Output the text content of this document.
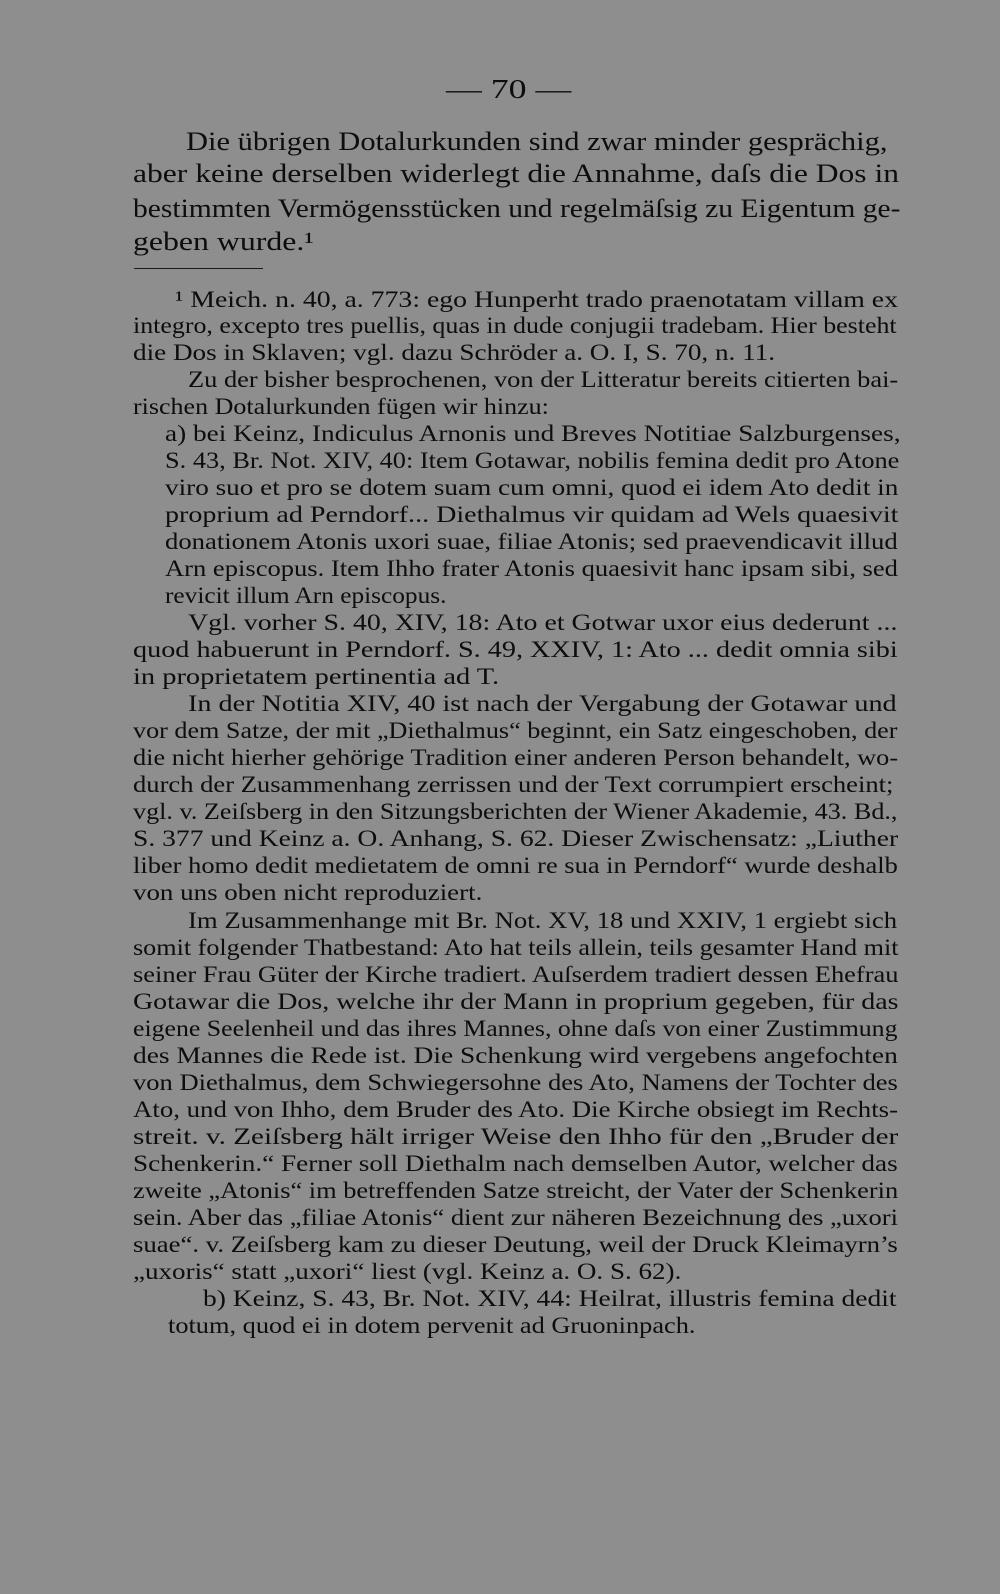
— 70 —
Die übrigen Dotalurkunden sind zwar minder gesprächig,
aber keine derselben widerlegt die Annahme, daſs die Dos in
bestimmten Vermögensstücken und regelmäſsig zu Eigentum ge-
geben wurde.¹
¹ Meich. n. 40, a. 773: ego Hunperht trado praenotatam villam ex
integro, excepto tres puellis, quas in dude conjugii tradebam. Hier besteht
die Dos in Sklaven; vgl. dazu Schröder a. O. I, S. 70, n. 11.
Zu der bisher besprochenen, von der Litteratur bereits citierten bai-
rischen Dotalurkunden fügen wir hinzu:
a) bei Keinz, Indiculus Arnonis und Breves Notitiae Salzburgenses,
S. 43, Br. Not. XIV, 40: Item Gotawar, nobilis femina dedit pro Atone
viro suo et pro se dotem suam cum omni, quod ei idem Ato dedit in
proprium ad Perndorf... Diethalmus vir quidam ad Wels quaesivit
donationem Atonis uxori suae, filiae Atonis; sed praevendicavit illud
Arn episcopus. Item Ihho frater Atonis quaesivit hanc ipsam sibi, sed
revicit illum Arn episcopus.
Vgl. vorher S. 40, XIV, 18: Ato et Gotwar uxor eius dederunt ...
quod habuerunt in Perndorf. S. 49, XXIV, 1: Ato ... dedit omnia sibi
in proprietatem pertinentia ad T.
In der Notitia XIV, 40 ist nach der Vergabung der Gotawar und
vor dem Satze, der mit „Diethalmus“ beginnt, ein Satz eingeschoben, der
die nicht hierher gehörige Tradition einer anderen Person behandelt, wo-
durch der Zusammenhang zerrissen und der Text corrumpiert erscheint;
vgl. v. Zeiſsberg in den Sitzungsberichten der Wiener Akademie, 43. Bd.,
S. 377 und Keinz a. O. Anhang, S. 62. Dieser Zwischensatz: „Liuther
liber homo dedit medietatem de omni re sua in Perndorf“ wurde deshalb
von uns oben nicht reproduziert.
Im Zusammenhange mit Br. Not. XV, 18 und XXIV, 1 ergiebt sich
somit folgender Thatbestand: Ato hat teils allein, teils gesamter Hand mit
seiner Frau Güter der Kirche tradiert. Auſserdem tradiert dessen Ehefrau
Gotawar die Dos, welche ihr der Mann in proprium gegeben, für das
eigene Seelenheil und das ihres Mannes, ohne daſs von einer Zustimmung
des Mannes die Rede ist. Die Schenkung wird vergebens angefochten
von Diethalmus, dem Schwiegersohne des Ato, Namens der Tochter des
Ato, und von Ihho, dem Bruder des Ato. Die Kirche obsiegt im Rechts-
streit. v. Zeiſsberg hält irriger Weise den Ihho für den „Bruder der
Schenkerin.“ Ferner soll Diethalm nach demselben Autor, welcher das
zweite „Atonis“ im betreffenden Satze streicht, der Vater der Schenkerin
sein. Aber das „filiae Atonis“ dient zur näheren Bezeichnung des „uxori
suae“. v. Zeiſsberg kam zu dieser Deutung, weil der Druck Kleimayrn’s
„uxoris“ statt „uxori“ liest (vgl. Keinz a. O. S. 62).
b) Keinz, S. 43, Br. Not. XIV, 44: Heilrat, illustris femina dedit
totum, quod ei in dotem pervenit ad Gruoninpach.
